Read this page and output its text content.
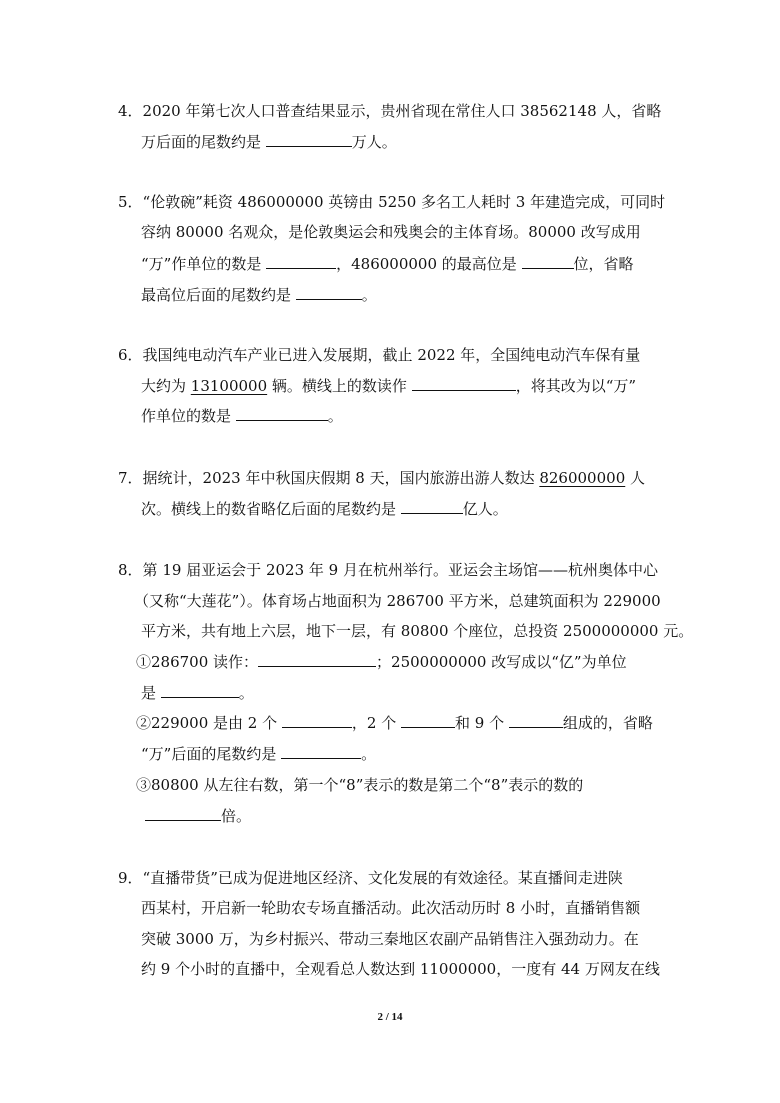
4．2020 年第七次人口普查结果显示，贵州省现在常住人口 38562148 人，省略
万后面的尾数约是	万人。
5．“伦敦碗”耗资 486000000 英镑由 5250 多名工人耗时 3 年建造完成，可同时
容纳 80000 名观众，是伦敦奥运会和残奥会的主体育场。80000 改写成用
“万”作单位的数是	，486000000 的最高位是	位，省略
最高位后面的尾数约是	。
6．我国纯电动汽车产业已进入发展期，截止 2022 年，全国纯电动汽车保有量
大约为 13100000 辆。横线上的数读作	，将其改为以“万”
作单位的数是	。
7．据统计，2023 年中秋国庆假期 8 天，国内旅游出游人数达 826000000 人
次。横线上的数省略亿后面的尾数约是	亿人。
8．第 19 届亚运会于 2023 年 9 月在杭州举行。亚运会主场馆——杭州奥体中心
（又称“大莲花”）。体育场占地面积为 286700 平方米，总建筑面积为 229000
平方米，共有地上六层，地下一层，有 80800 个座位，总投资 2500000000 元。
①286700 读作：	；2500000000 改写成以“亿”为单位
是	。
②229000 是由 2 个	，2 个	和 9 个	组成的，省略
“万”后面的尾数约是	。
③80800 从左往右数，第一个“8”表示的数是第二个“8”表示的数的
倍。
9．“直播带货”已成为促进地区经济、文化发展的有效途径。某直播间走进陕
西某村，开启新一轮助农专场直播活动。此次活动历时 8 小时，直播销售额
突破 3000 万，为乡村振兴、带动三秦地区农副产品销售注入强劲动力。在
约 9 个小时的直播中，全观看总人数达到 11000000，一度有 44 万网友在线
2 / 14
